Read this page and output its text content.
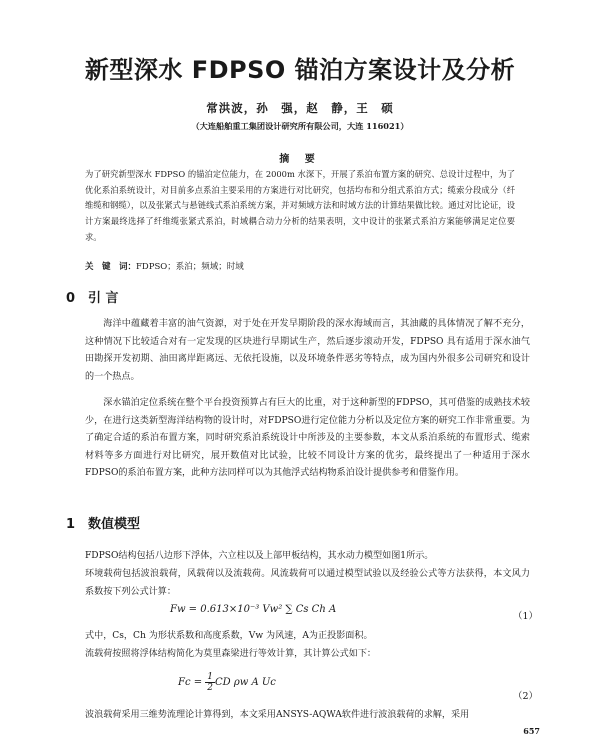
新型深水 FDPSO 锚泊方案设计及分析
常洪波，孙　强，赵　静，王　硕
（大连船舶重工集团设计研究所有限公司，大连 116021）
摘 要
为了研究新型深水 FDPSO 的锚泊定位能力，在 2000m 水深下，开展了系泊布置方案的研究、总设计过程中，为了优化系泊系统设计，对目前多点系泊主要采用的方案进行对比研究，包括均布和分组式系泊方式；缆索分段成分（纤维缆和钢缆），以及张紧式与悬链线式系泊系统方案，并对频域方法和时域方法的计算结果做比较。通过对比论证，设计方案最终选择了纤维缆张紧式系泊，时域耦合动力分析的结果表明，文中设计的张紧式系泊方案能够满足定位要求。
关　键　词：FDPSO；系泊；频域；时域
0 引 言
海洋中蕴藏着丰富的油气资源，对于处在开发早期阶段的深水海域而言，其油藏的具体情况了解不充分，这种情况下比较适合对有一定发现的区块进行早期试生产，然后逐步滚动开发，FDPSO 具有适用于深水油气田勘探开发初期、油田离岸距离远、无依托设施，以及环境条件恶劣等特点，成为国内外很多公司研究和设计的一个热点。
深水锚泊定位系统在整个平台投资预算占有巨大的比重，对于这种新型的FDPSO，其可借鉴的成熟技术较少，在进行这类新型海洋结构物的设计时，对FDPSO进行定位能力分析以及定位方案的研究工作非常重要。为了确定合适的系泊布置方案，同时研究系泊系统设计中所涉及的主要参数，本文从系泊系统的布置形式、缆索材料等多方面进行对比研究，展开数值对比试验，比较不同设计方案的优劣，最终提出了一种适用于深水FDPSO的系泊布置方案，此种方法同样可以为其他浮式结构物系泊设计提供参考和借鉴作用。
1 数值模型
FDPSO结构包括八边形下浮体，六立柱以及上部甲板结构，其水动力模型如图1所示。
环境载荷包括波浪载荷，风载荷以及流载荷。风流载荷可以通过模型试验以及经验公式等方法获得，本文风力系数按下列公式计算：
Fw = 0.613×10⁻³ Vw² ∑ Cs Ch A
（1）
式中，Cs，Ch 为形状系数和高度系数，Vw 为风速，A为正投影面积。
流载荷按照将浮体结构简化为莫里森梁进行等效计算，其计算公式如下：
$Fc = \frac{1}{2}$ CD ρw A Uc
（2）
波浪载荷采用三维势流理论计算得到，本文采用ANSYS-AQWA软件进行波浪载荷的求解，采用
657
